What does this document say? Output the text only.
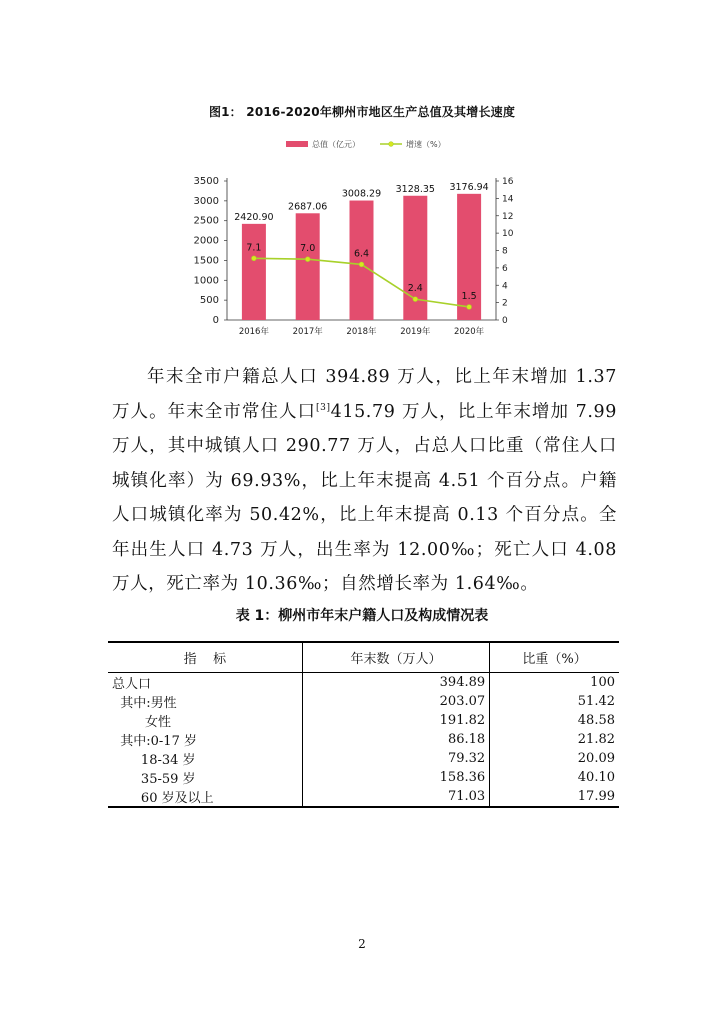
图1： 2016-2020年柳州市地区生产总值及其增长速度
总值（亿元）	增速（%）
0
500
1000
1500
2000
2500
3000
3500
0
2
4
6
8
10
12
14
16
2016年	2017年	2018年	2019年	2020年
2420.90
2687.06
3008.29 3128.35 3176.94
7.1	7.0	6.4
2.4
1.5

年末全市户籍总人口 394.89 万人，比上年末增加 1.37 万人。年末全市常住人口[3]415.79 万人，比上年末增加 7.99 万人，其中城镇人口 290.77 万人，占总人口比重（常住人口城镇化率）为 69.93%，比上年末提高 4.51 个百分点。户籍人口城镇化率为 50.42%，比上年末提高 0.13 个百分点。全年出生人口 4.73 万人，出生率为 12.00‰；死亡人口 4.08 万人，死亡率为 10.36‰；自然增长率为 1.64‰。

表 1：柳州市年末户籍人口及构成情况表
指    标	年末数（万人）	比重（%）
总人口	394.89	100
其中:男性	203.07	51.42
女性	191.82	48.58
其中:0-17 岁	86.18	21.82
18-34 岁	79.32	20.09
35-59 岁	158.36	40.10
60 岁及以上	71.03	17.99
2
